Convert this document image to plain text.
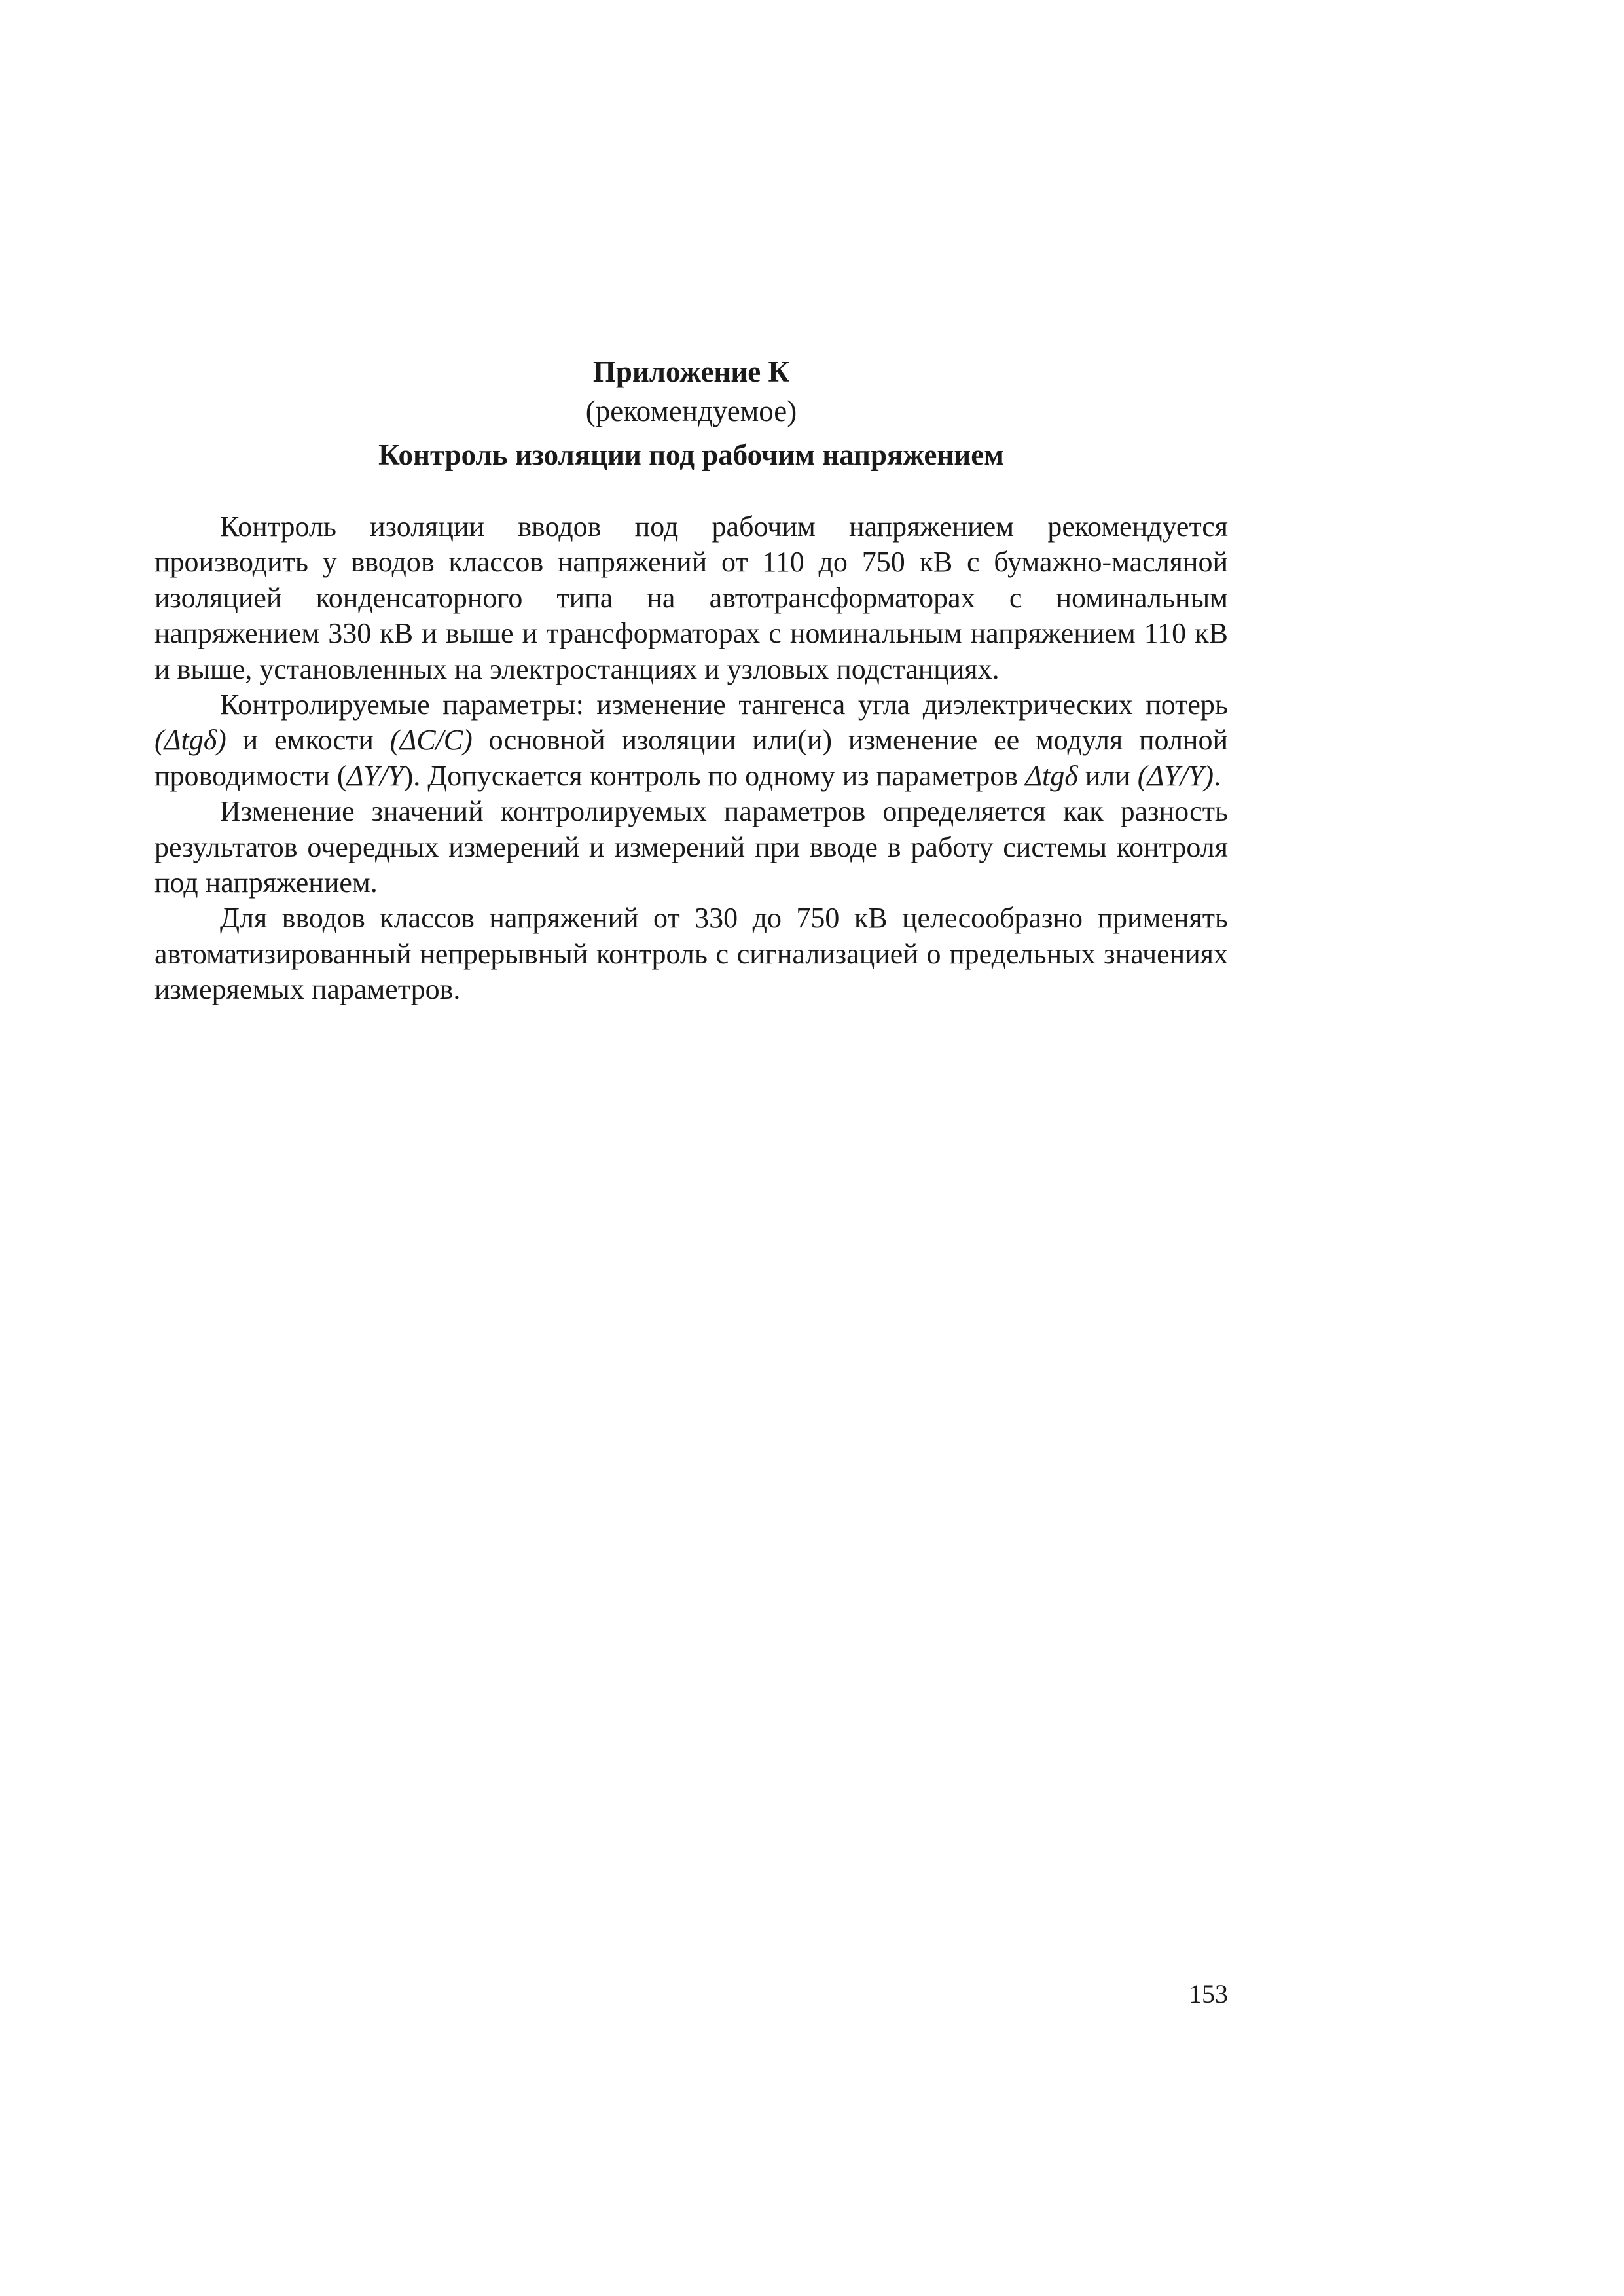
Приложение К
(рекомендуемое)
Контроль изоляции под рабочим напряжением

Контроль изоляции вводов под рабочим напряжением рекомендуется производить у вводов классов напряжений от 110 до 750 кВ с бумажно-масляной изоляцией конденсаторного типа на автотрансформаторах с номинальным напряжением 330 кВ и выше и трансформаторах с номинальным напряжением 110 кВ и выше, установленных на электростанциях и узловых подстанциях.

Контролируемые параметры: изменение тангенса угла диэлектрических потерь (Δtgδ) и емкости (ΔC/C) основной изоляции или(и) изменение ее модуля полной проводимости (ΔY/Y). Допускается контроль по одному из параметров Δtgδ или (ΔY/Y).

Изменение значений контролируемых параметров определяется как разность результатов очередных измерений и измерений при вводе в работу системы контроля под напряжением.

Для вводов классов напряжений от 330 до 750 кВ целесообразно применять автоматизированный непрерывный контроль с сигнализацией о предельных значениях измеряемых параметров.

153
